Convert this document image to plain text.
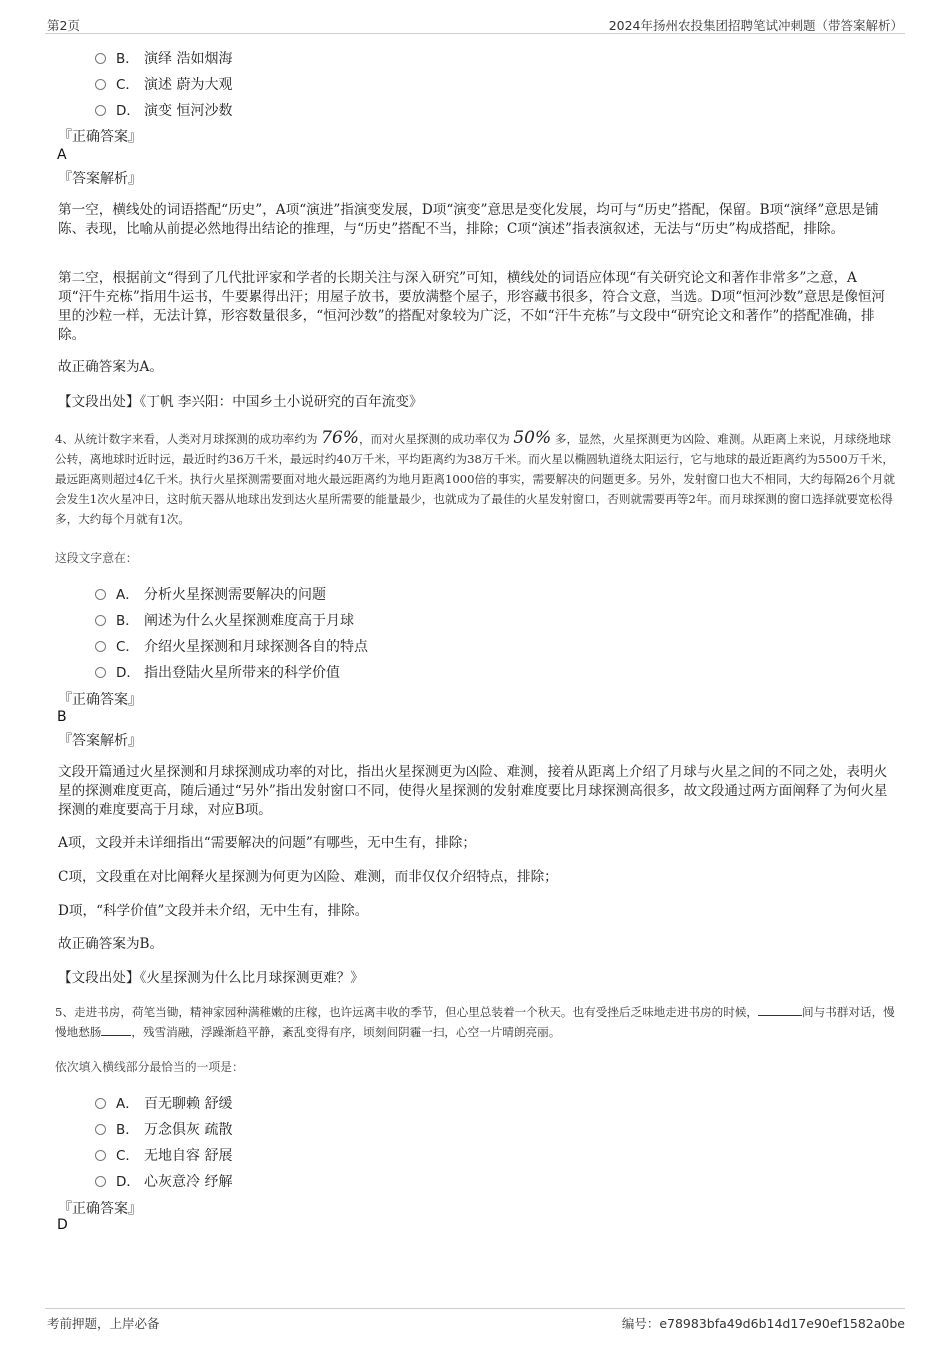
第2页	2024年扬州农投集团招聘笔试冲刺题（带答案解析）
B． 演绎 浩如烟海
C． 演述 蔚为大观
D． 演变 恒河沙数
『正确答案』
A
『答案解析』
第一空，横线处的词语搭配“历史”，A项“演进”指演变发展，D项“演变”意思是变化发展，均可与“历史”搭配，保留。B项“演绎”意思是铺陈、表现，比喻从前提必然地得出结论的推理，与“历史”搭配不当，排除；C项“演述”指表演叙述，无法与“历史”构成搭配，排除。
第二空，根据前文“得到了几代批评家和学者的长期关注与深入研究”可知，横线处的词语应体现“有关研究论文和著作非常多”之意，A项“汗牛充栋”指用牛运书，牛要累得出汗；用屋子放书，要放满整个屋子，形容藏书很多，符合文意，当选。D项“恒河沙数”意思是像恒河里的沙粒一样，无法计算，形容数量很多，“恒河沙数”的搭配对象较为广泛，不如“汗牛充栋”与文段中“研究论文和著作”的搭配准确，排除。
故正确答案为A。
【文段出处】《丁帆 李兴阳：中国乡土小说研究的百年流变》
4、从统计数字来看，人类对月球探测的成功率约为 76%，而对火星探测的成功率仅为 50% 多，显然，火星探测更为凶险、难测。从距离上来说，月球绕地球公转，离地球时近时远，最近时约36万千米，最远时约40万千米，平均距离约为38万千米。而火星以椭圆轨道绕太阳运行，它与地球的最近距离约为5500万千米，最远距离则超过4亿千米。执行火星探测需要面对地火最远距离约为地月距离1000倍的事实，需要解决的问题更多。另外，发射窗口也大不相同，大约每隔26个月就会发生1次火星冲日，这时航天器从地球出发到达火星所需要的能量最少，也就成为了最佳的火星发射窗口，否则就需要再等2年。而月球探测的窗口选择就要宽松得多，大约每个月就有1次。
这段文字意在：
A． 分析火星探测需要解决的问题
B． 阐述为什么火星探测难度高于月球
C． 介绍火星探测和月球探测各自的特点
D． 指出登陆火星所带来的科学价值
『正确答案』
B
『答案解析』
文段开篇通过火星探测和月球探测成功率的对比，指出火星探测更为凶险、难测，接着从距离上介绍了月球与火星之间的不同之处，表明火星的探测难度更高，随后通过“另外”指出发射窗口不同，使得火星探测的发射难度要比月球探测高很多，故文段通过两方面阐释了为何火星探测的难度要高于月球，对应B项。
A项，文段并未详细指出“需要解决的问题”有哪些，无中生有，排除；
C项，文段重在对比阐释火星探测为何更为凶险、难测，而非仅仅介绍特点，排除；
D项，“科学价值”文段并未介绍，无中生有，排除。
故正确答案为B。
【文段出处】《火星探测为什么比月球探测更难？》
5、走进书房，荷笔当锄，精神家园种满稚嫩的庄稼，也许远离丰收的季节，但心里总装着一个秋天。也有受挫后乏味地走进书房的时候，	间与书群对话，慢慢地愁肠	，残雪消融，浮躁渐趋平静，紊乱变得有序，顷刻间阴霾一扫，心空一片晴朗亮丽。
依次填入横线部分最恰当的一项是：
A． 百无聊赖 舒缓
B． 万念俱灰 疏散
C． 无地自容 舒展
D． 心灰意冷 纾解
『正确答案』
D
考前押题，上岸必备	编号：e78983bfa49d6b14d17e90ef1582a0be
